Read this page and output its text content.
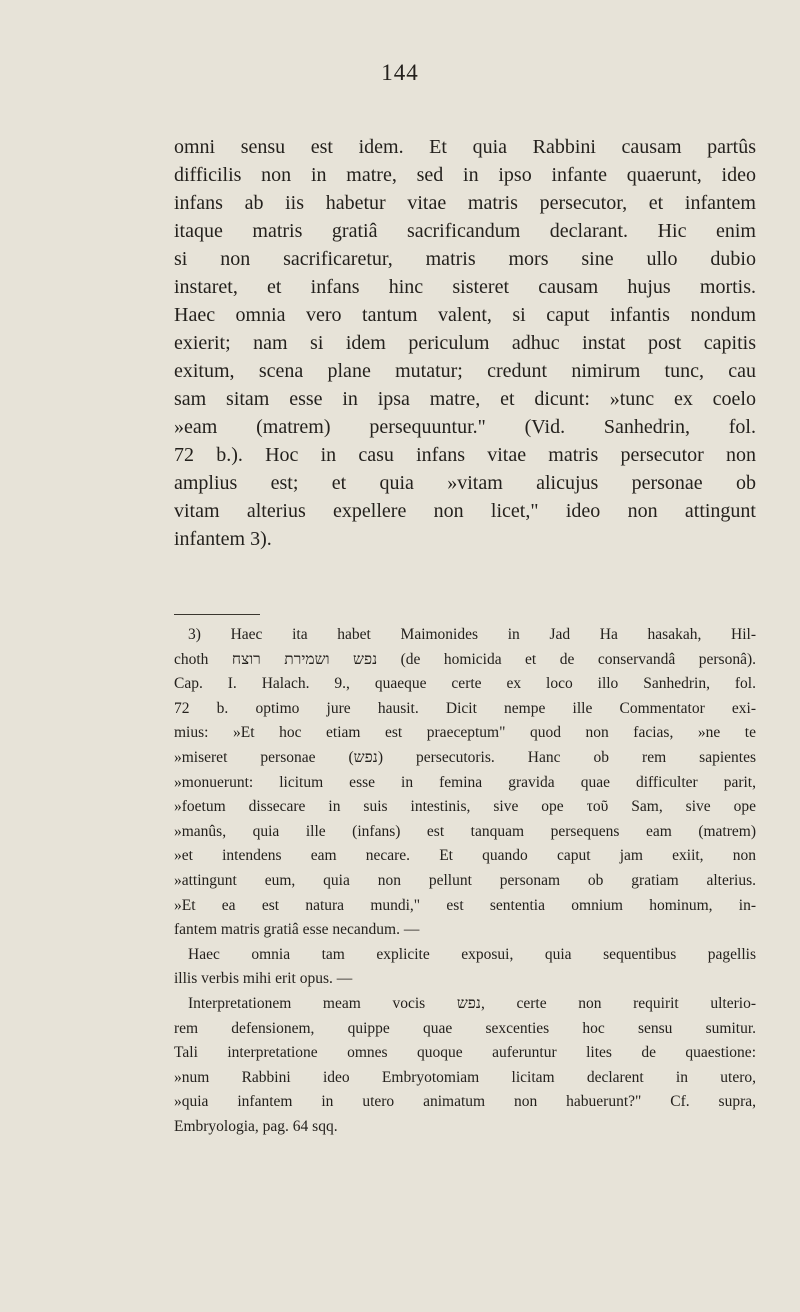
144
omni sensu est idem. Et quia Rabbini causam partûs
difficilis non in matre, sed in ipso infante quaerunt, ideo
infans ab iis habetur vitae matris persecutor, et infantem
itaque matris gratiâ sacrificandum declarant. Hic enim
si non sacrificaretur, matris mors sine ullo dubio
instaret, et infans hinc sisteret causam hujus mortis.
Haec omnia vero tantum valent, si caput infantis nondum
exierit; nam si idem periculum adhuc instat post capitis
exitum, scena plane mutatur; credunt nimirum tunc, cau
sam sitam esse in ipsa matre, et dicunt: »tunc ex coelo
»eam (matrem) persequuntur." (Vid. Sanhedrin, fol.
72 b.). Hoc in casu infans vitae matris persecutor non
amplius est; et quia »vitam alicujus personae ob
vitam alterius expellere non licet," ideo non attingunt
infantem 3).
3) Haec ita habet Maimonides in Jad Ha hasakah, Hil-
choth נפש ושמירת רוצח (de homicida et de conservandâ personâ).
Cap. I. Halach. 9., quaeque certe ex loco illo Sanhedrin, fol.
72 b. optimo jure hausit. Dicit nempe ille Commentator exi-
mius: »Et hoc etiam est praeceptum" quod non facias, »ne te
»miseret personae (נפש) persecutoris. Hanc ob rem sapientes
»monuerunt: licitum esse in femina gravida quae difficulter parit,
»foetum dissecare in suis intestinis, sive ope τοῦ Sam, sive ope
»manûs, quia ille (infans) est tanquam persequens eam (matrem)
»et intendens eam necare. Et quando caput jam exiit, non
»attingunt eum, quia non pellunt personam ob gratiam alterius.
»Et ea est natura mundi," est sententia omnium hominum, in-
fantem matris gratiâ esse necandum. —
Haec omnia tam explicite exposui, quia sequentibus pagellis
illis verbis mihi erit opus. —
Interpretationem meam vocis נפש, certe non requirit ulterio-
rem defensionem, quippe quae sexcenties hoc sensu sumitur.
Tali interpretatione omnes quoque auferuntur lites de quaestione:
»num Rabbini ideo Embryotomiam licitam declarent in utero,
»quia infantem in utero animatum non habuerunt?" Cf. supra,
Embryologia, pag. 64 sqq.
